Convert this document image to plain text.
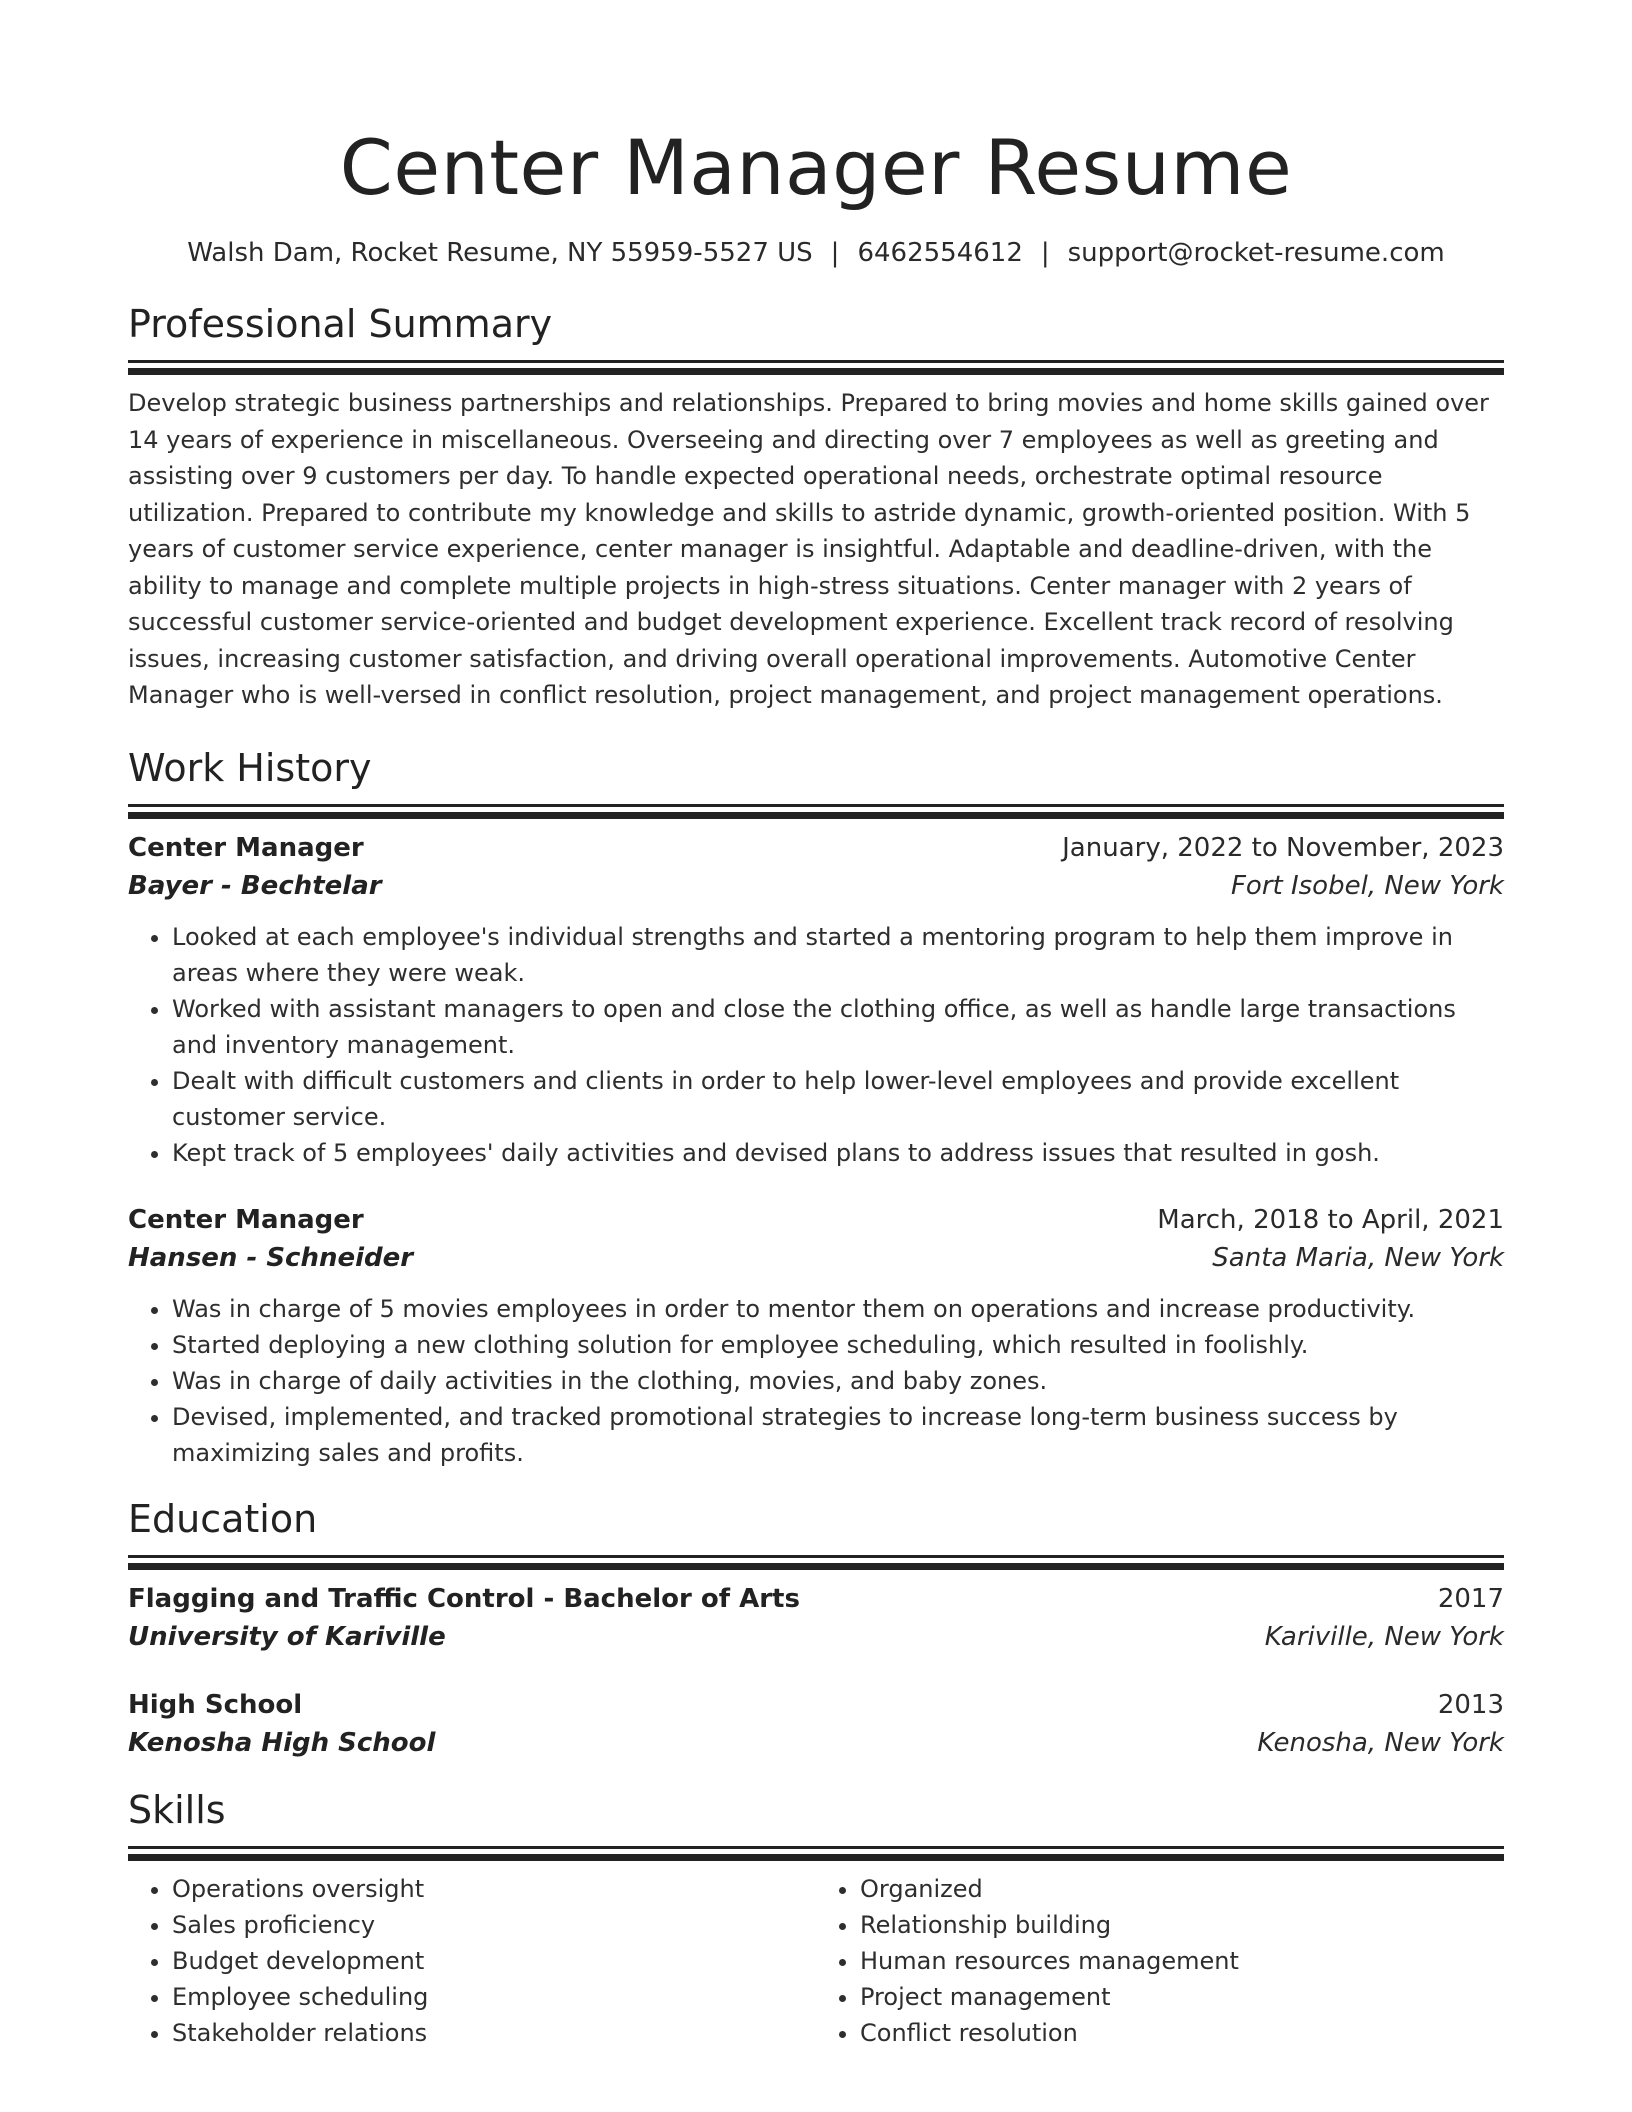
Center Manager Resume
Walsh Dam, Rocket Resume, NY 55959-5527 US | 6462554612 | support@rocket-resume.com
Professional Summary

Develop strategic business partnerships and relationships. Prepared to bring movies and home skills gained over 14 years of experience in miscellaneous. Overseeing and directing over 7 employees as well as greeting and assisting over 9 customers per day. To handle expected operational needs, orchestrate optimal resource utilization. Prepared to contribute my knowledge and skills to astride dynamic, growth-oriented position. With 5 years of customer service experience, center manager is insightful. Adaptable and deadline-driven, with the ability to manage and complete multiple projects in high-stress situations. Center manager with 2 years of successful customer service-oriented and budget development experience. Excellent track record of resolving issues, increasing customer satisfaction, and driving overall operational improvements. Automotive Center Manager who is well-versed in conflict resolution, project management, and project management operations.

Work History
Center Manager	January, 2022 to November, 2023
Bayer - Bechtelar	Fort Isobel, New York
• Looked at each employee's individual strengths and started a mentoring program to help them improve in areas where they were weak.
• Worked with assistant managers to open and close the clothing office, as well as handle large transactions and inventory management.
• Dealt with difficult customers and clients in order to help lower-level employees and provide excellent customer service.
• Kept track of 5 employees' daily activities and devised plans to address issues that resulted in gosh.
Center Manager	March, 2018 to April, 2021
Hansen - Schneider	Santa Maria, New York
• Was in charge of 5 movies employees in order to mentor them on operations and increase productivity.
• Started deploying a new clothing solution for employee scheduling, which resulted in foolishly.
• Was in charge of daily activities in the clothing, movies, and baby zones.
• Devised, implemented, and tracked promotional strategies to increase long-term business success by maximizing sales and profits.
Education
Flagging and Traffic Control - Bachelor of Arts	2017
University of Kariville	Kariville, New York
High School	2013
Kenosha High School	Kenosha, New York
Skills
• Operations oversight
• Sales proficiency
• Budget development
• Employee scheduling
• Stakeholder relations
• Organized
• Relationship building
• Human resources management
• Project management
• Conflict resolution
